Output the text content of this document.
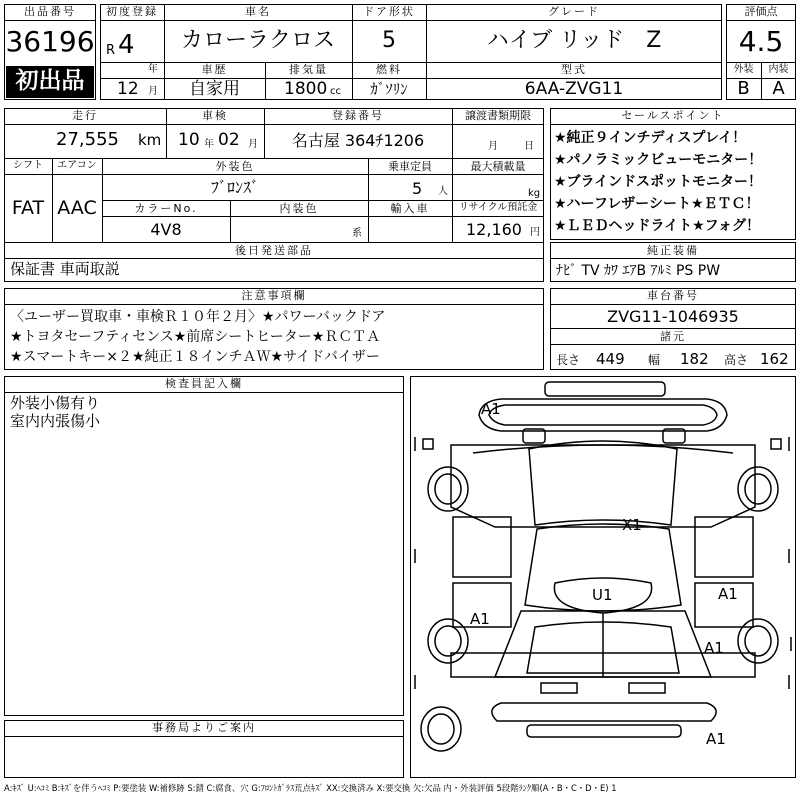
出品番号
36196
初出品
初度登録
R 4
年
12 月
車名
カローラクロス
ドア形状
5
グレード
ハイブ リッド　Z
車歴
自家用
排気量
1800 cc
燃料
ｶﾞｿﾘﾝ
型式
6AA-ZVG11
評価点
4.5
外装	内装
B	A
走行
27,555 km
車検
10 年 02 月
登録番号
名古屋 364ﾁ1206
譲渡書類期限
月	日
シフト
FAT
エアコン
AAC
外装色
ﾌﾞﾛﾝｽﾞ
乗車定員
5 人
最大積載量
kg
カラーNo.
4V8
内装色
系
輸入車	リサイクル預託金
12,160 円
後日発送部品
保証書 車両取説
セールスポイント
★純正９インチディスプレイ！
★パノラミックビューモニター！
★ブラインドスポットモニター！
★ハーフレザーシート★ＥＴＣ！
★ＬＥＤヘッドライト★フォグ！
純正装備
ﾅﾋﾞ TV ｶﾜ ｴｱB ｱﾙﾐ PS PW
注意事項欄
〈ユーザー買取車・車検Ｒ１０年２月〉★パワーバックドア
★トヨタセーフティセンス★前席シートヒーター★ＲＣＴＡ
★スマートキー×２★純正１８インチＡＷ★サイドバイザー
車台番号
ZVG11-1046935
諸元
長さ 449 幅 182 高さ 162
検査員記入欄
外装小傷有り
室内内張傷小
事務局よりご案内
A1
X1
U1
A1
A1
A1
A1
A:ｷｽﾞ U:ﾍｺﾐ B:ｷｽﾞを伴うﾍｺﾐ P:要塗装 W:補修跡 S:錆 C:腐食、穴 G:ﾌﾛﾝﾄｶﾞﾗｽ荒点ｷｽﾞ XX:交換済み X:要交換 欠:欠品 内・外装評価 5段階ﾗﾝｸ順(A・B・C・D・E) 1
